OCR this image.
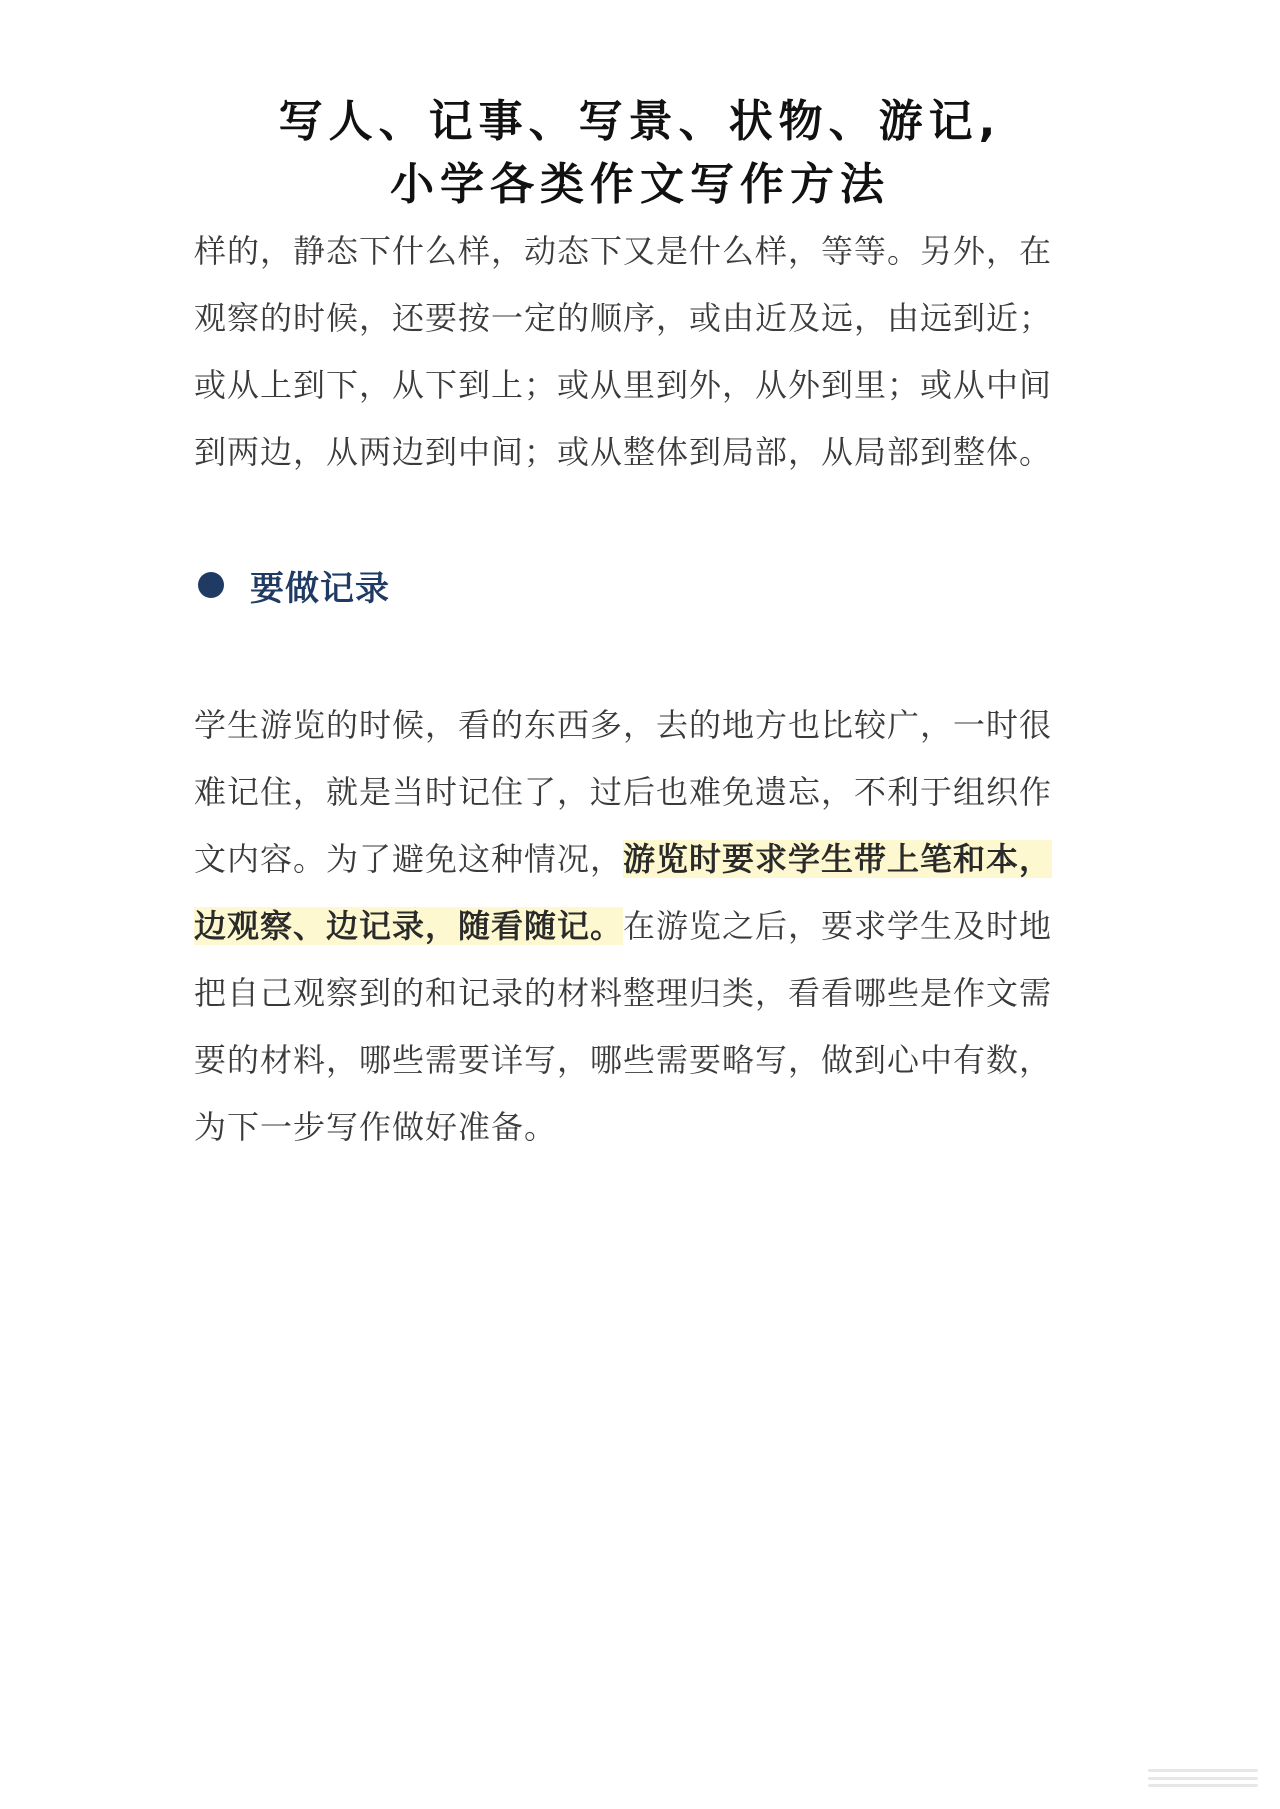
写人、记事、写景、状物、游记,
小学各类作文写作方法
样的，静态下什么样，动态下又是什么样，等等。另外，在
观察的时候，还要按一定的顺序，或由近及远，由远到近；
或从上到下，从下到上；或从里到外，从外到里；或从中间
到两边，从两边到中间；或从整体到局部，从局部到整体。
要做记录
学生游览的时候，看的东西多，去的地方也比较广，一时很
难记住，就是当时记住了，过后也难免遗忘，不利于组织作
文内容。为了避免这种情况，游览时要求学生带上笔和本，
边观察、边记录，随看随记。在游览之后，要求学生及时地
把自己观察到的和记录的材料整理归类，看看哪些是作文需
要的材料，哪些需要详写，哪些需要略写，做到心中有数，
为下一步写作做好准备。
